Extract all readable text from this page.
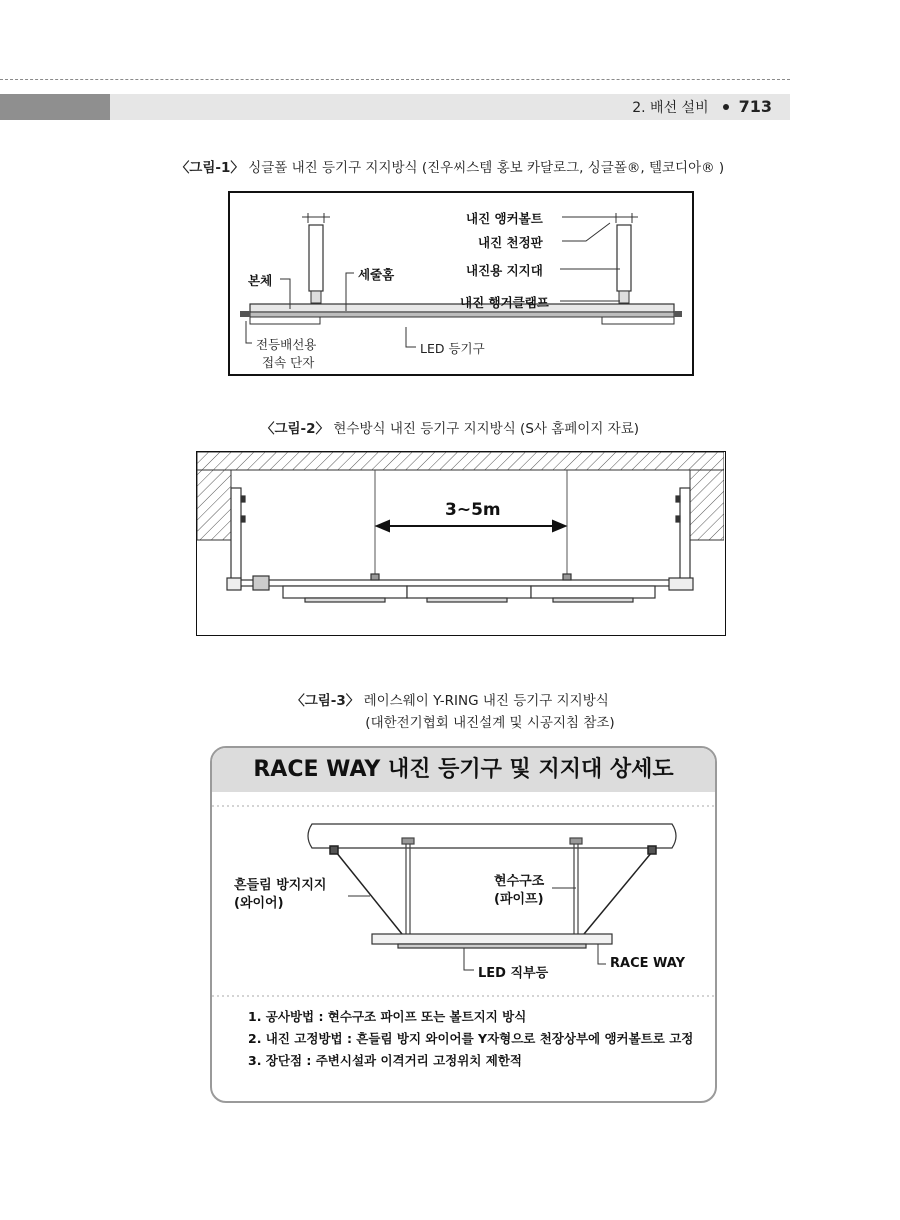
2. 배선 설비 713
〈그림-1〉 싱글폴 내진 등기구 지지방식 (진우씨스템 홍보 카달로그, 싱글폴®, 텔코디아® )
내진 앵커볼트
내진 천정판
내진용 지지대
내진 행거클램프
본체	세줄홈
전등배선용
접속 단자
LED 등기구
〈그림-2〉 현수방식 내진 등기구 지지방식 (S사 홈페이지 자료)
3~5m
〈그림-3〉 레이스웨이 Y-RING 내진 등기구 지지방식
(대한전기협회 내진설계 및 시공지침 참조)
RACE WAY 내진 등기구 및 지지대 상세도
흔들림 방지지지
(와이어)
현수구조
(파이프)
LED 직부등
RACE WAY
1. 공사방법 : 현수구조 파이프 또는 볼트지지 방식
2. 내진 고정방법 : 흔들림 방지 와이어를 Y자형으로 천장상부에 앵커볼트로 고정
3. 장단점 : 주변시설과 이격거리 고정위치 제한적
